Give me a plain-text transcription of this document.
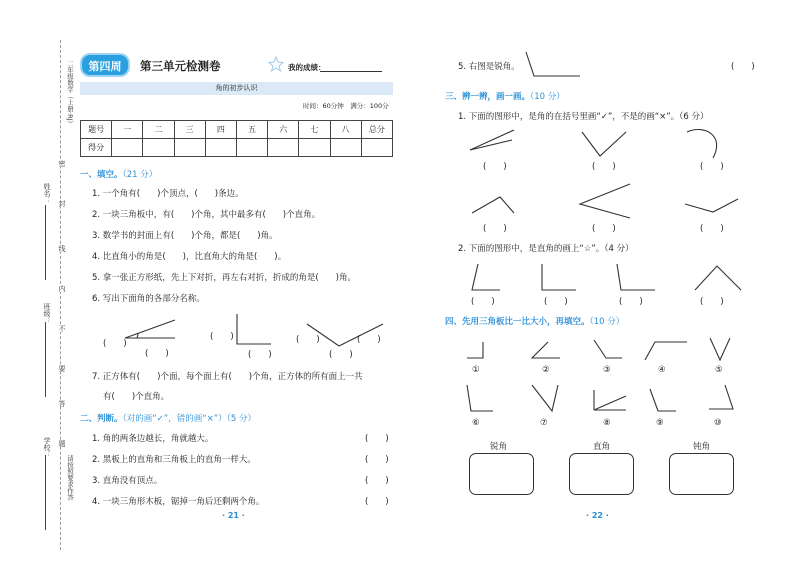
姓名：
班级：
学校：
密
封
线
内
不
要
答
题
二年级数学（上册·RJ）
请按照要求作答
第四周	第三单元检测卷	我的成绩：
角的初步认识
时间：60分钟　满分：100分
题号	一	二	三	四	五	六	七	八	总分
得分									
一、填空。（21 分）
1. 一个角有(　　)个顶点，(　　)条边。
2. 一块三角板中，有(　　)个角，其中最多有(　　)个直角。
3. 数学书的封面上有(　　)个角，都是(　　)角。
4. 比直角小的角是(　　)，比直角大的角是(　　)。
5. 拿一张正方形纸，先上下对折，再左右对折，折成的角是(　　)角。
6. 写出下面角的各部分名称。
(　　)
(　　)
(　　)
(　　)
(　　)	(　　)
(　　)
7. 正方体有(　　)个面，每个面上有(　　)个角，正方体的所有面上一共
有(　　)个直角。
二、判断。（对的画“✓”，错的画“×”）（5 分）
1. 角的两条边越长，角就越大。	(　　)
2. 黑板上的直角和三角板上的直角一样大。	(　　)
3. 直角没有顶点。	(　　)
4. 一块三角形木板，锯掉一角后还剩两个角。	(　　)
· 21 ·
5. 右图是锐角。	(　　)
三、辨一辨，画一画。（10 分）
1. 下面的图形中，是角的在括号里画“✓”，不是的画“×”。（6 分）
(　　)	(　　)	(　　)
(　　)	(　　)	(　　)
2. 下面的图形中，是直角的画上“☆”。（4 分）
(　　)	(　　)	(　　)	(　　)
四、先用三角板比一比大小，再填空。（10 分）
①	②	③	④	⑤
⑥	⑦	⑧	⑨	⑩
锐角	直角	钝角
· 22 ·
